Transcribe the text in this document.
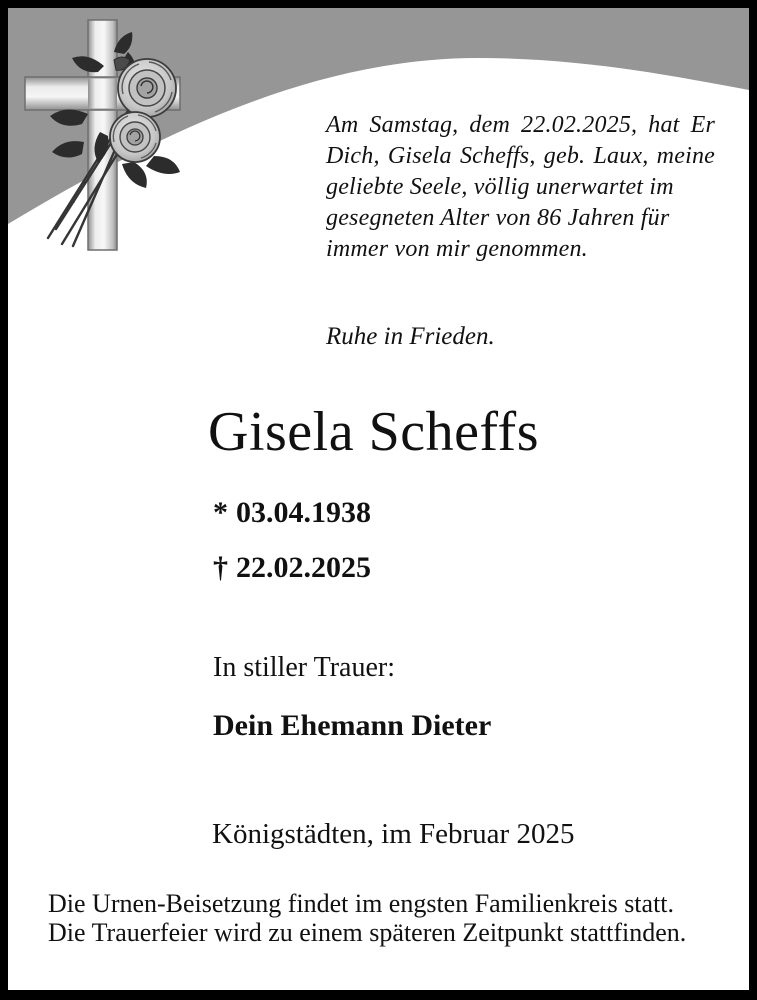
Am Samstag, dem 22.02.2025, hat Er
Dich, Gisela Scheffs, geb. Laux, meine
geliebte Seele, völlig unerwartet im
gesegneten Alter von 86 Jahren für
immer von mir genommen.
Ruhe in Frieden.
Gisela Scheffs
* 03.04.1938
† 22.02.2025
In stiller Trauer:
Dein Ehemann Dieter
Königstädten, im Februar 2025
Die Urnen-Beisetzung findet im engsten Familienkreis statt.
Die Trauerfeier wird zu einem späteren Zeitpunkt stattfinden.
